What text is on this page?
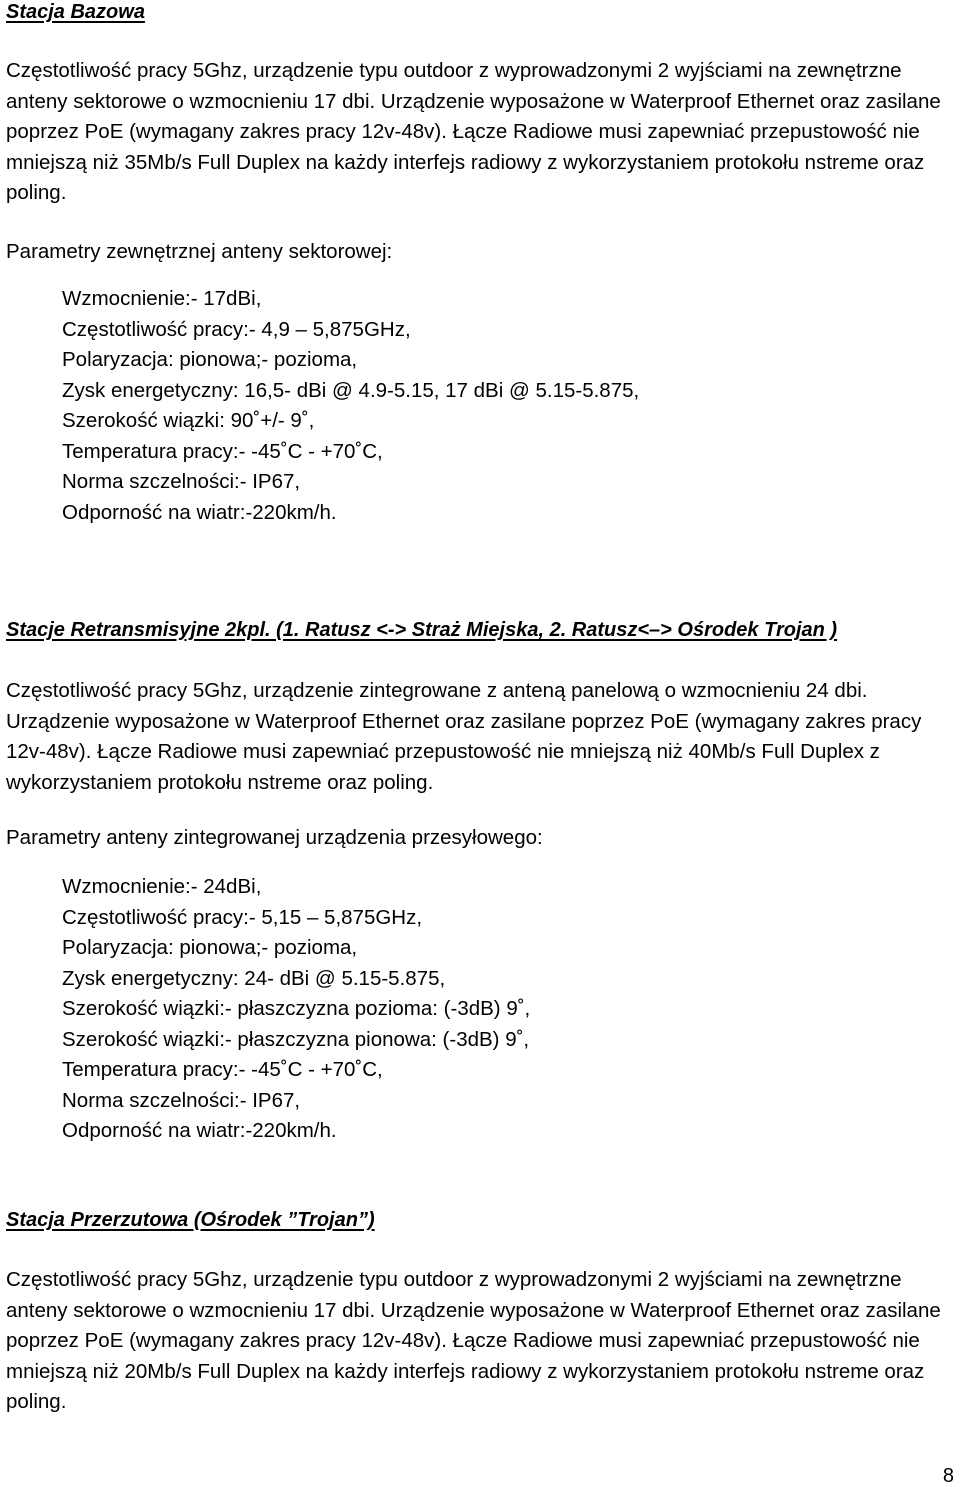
Stacja Bazowa

Częstotliwość pracy 5Ghz, urządzenie typu outdoor z wyprowadzonymi 2 wyjściami na zewnętrzne anteny sektorowe o wzmocnieniu 17 dbi. Urządzenie wyposażone w Waterproof Ethernet oraz zasilane poprzez PoE (wymagany zakres pracy 12v-48v). Łącze Radiowe musi zapewniać przepustowość nie mniejszą niż 35Mb/s Full Duplex na każdy interfejs radiowy z wykorzystaniem protokołu nstreme oraz poling.

Parametry zewnętrznej anteny sektorowej:

Wzmocnienie:- 17dBi,
Częstotliwość pracy:- 4,9 – 5,875GHz,
Polaryzacja: pionowa;- pozioma,
Zysk energetyczny: 16,5- dBi @ 4.9-5.15, 17 dBi @ 5.15-5.875,
Szerokość wiązki: 90˚+/- 9˚,
Temperatura pracy:- -45˚C - +70˚C,
Norma szczelności:- IP67,
Odporność na wiatr:-220km/h.
Stacje Retransmisyjne 2kpl. (1. Ratusz <-> Straż Miejska, 2. Ratusz<–> Ośrodek Trojan )

Częstotliwość pracy 5Ghz, urządzenie zintegrowane z anteną panelową o wzmocnieniu 24 dbi. Urządzenie wyposażone w Waterproof Ethernet oraz zasilane poprzez PoE (wymagany zakres pracy 12v-48v). Łącze Radiowe musi zapewniać przepustowość nie mniejszą niż 40Mb/s Full Duplex z wykorzystaniem protokołu nstreme oraz poling.

Parametry anteny zintegrowanej urządzenia przesyłowego:

Wzmocnienie:- 24dBi,
Częstotliwość pracy:- 5,15 – 5,875GHz,
Polaryzacja: pionowa;- pozioma,
Zysk energetyczny: 24- dBi @ 5.15-5.875,
Szerokość wiązki:- płaszczyzna pozioma: (-3dB) 9˚,
Szerokość wiązki:- płaszczyzna pionowa: (-3dB) 9˚,
Temperatura pracy:- -45˚C - +70˚C,
Norma szczelności:- IP67,
Odporność na wiatr:-220km/h.
Stacja Przerzutowa (Ośrodek ”Trojan”)

Częstotliwość pracy 5Ghz, urządzenie typu outdoor z wyprowadzonymi 2 wyjściami na zewnętrzne anteny sektorowe o wzmocnieniu 17 dbi. Urządzenie wyposażone w Waterproof Ethernet oraz zasilane poprzez PoE (wymagany zakres pracy 12v-48v). Łącze Radiowe musi zapewniać przepustowość nie mniejszą niż 20Mb/s Full Duplex na każdy interfejs radiowy z wykorzystaniem protokołu nstreme oraz poling.

8
